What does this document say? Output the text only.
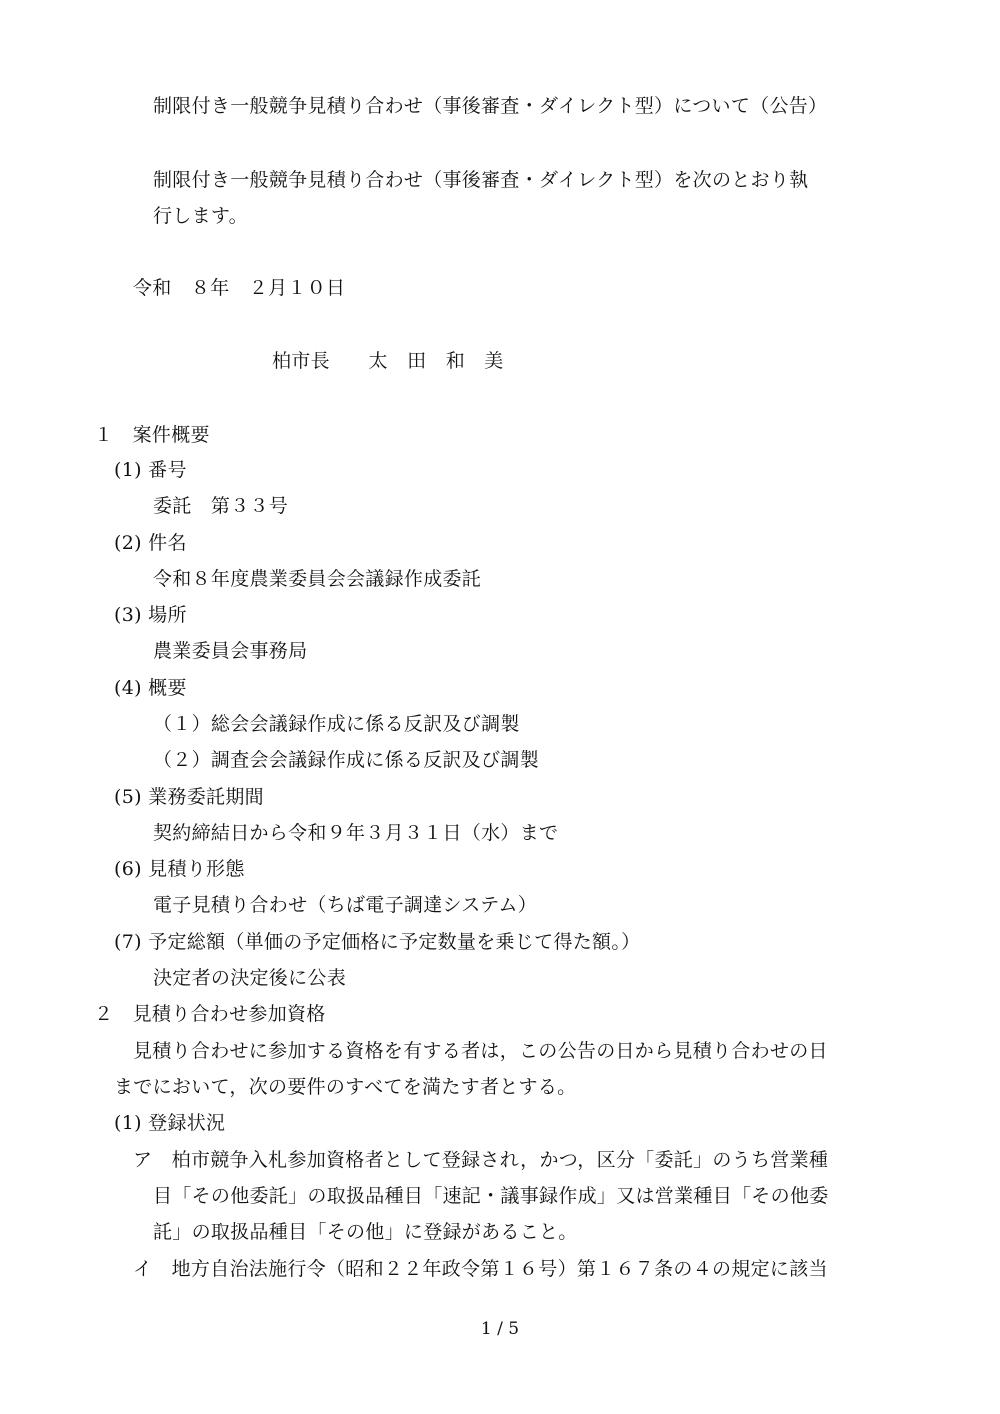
制限付き一般競争見積り合わせ（事後審査・ダイレクト型）について（公告）
制限付き一般競争見積り合わせ（事後審査・ダイレクト型）を次のとおり執
行します。
令和　８年　２月１０日
柏市長　　太　田　和　美
１　案件概要
(1) 番号
委託　第３３号
(2) 件名
令和８年度農業委員会会議録作成委託
(3) 場所
農業委員会事務局
(4) 概要
（１）総会会議録作成に係る反訳及び調製
（２）調査会会議録作成に係る反訳及び調製
(5) 業務委託期間
契約締結日から令和９年３月３１日（水）まで
(6) 見積り形態
電子見積り合わせ（ちば電子調達システム）
(7) 予定総額（単価の予定価格に予定数量を乗じて得た額。）
決定者の決定後に公表
２　見積り合わせ参加資格
見積り合わせに参加する資格を有する者は，この公告の日から見積り合わせの日
までにおいて，次の要件のすべてを満たす者とする。
(1) 登録状況
ア　柏市競争入札参加資格者として登録され，かつ，区分「委託」のうち営業種
目「その他委託」の取扱品種目「速記・議事録作成」又は営業種目「その他委
託」の取扱品種目「その他」に登録があること。
イ　地方自治法施行令（昭和２２年政令第１６号）第１６７条の４の規定に該当
1 / 5
